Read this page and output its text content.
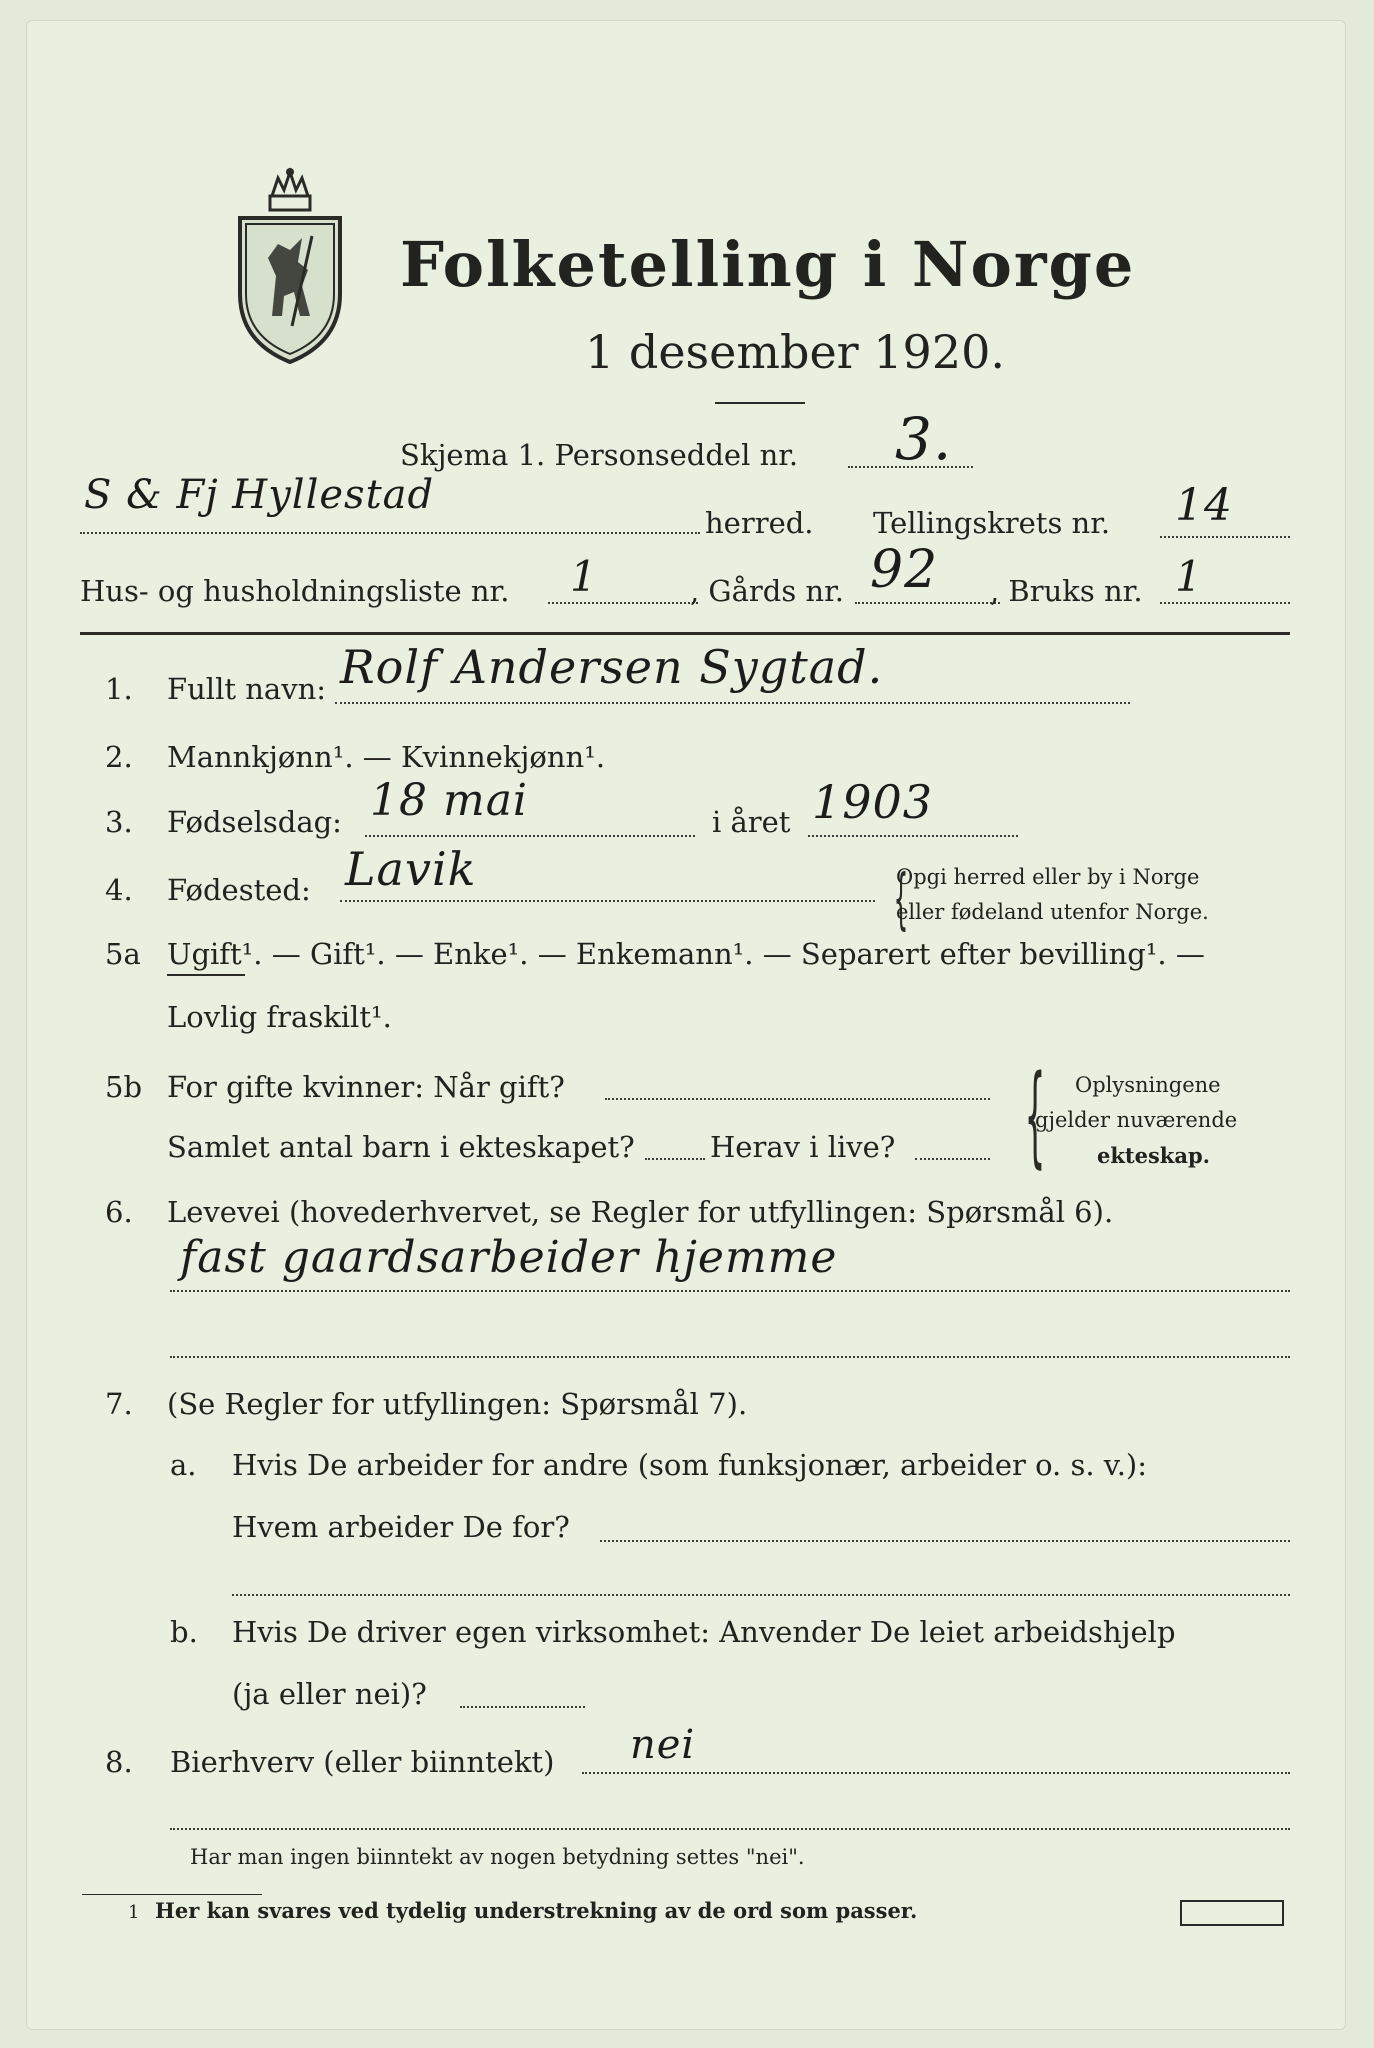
Folketelling i Norge
1 desember 1920.
Skjema 1. Personseddel nr. 3.
S & Fj Hyllestad
herred. Tellingskrets nr. 14
Hus- og husholdningsliste nr. 1	, Gårds nr. 92 , Bruks nr. 1
1. Fullt navn: Rolf Andersen Sygtad.
2. Mannkjønn¹. — Kvinnekjønn¹.
3. Fødselsdag: 18 mai	i året 1903
4. Fødested: Lavik	{
Opgi herred eller by i Norge
eller fødeland utenfor Norge.
5a Ugift¹. — Gift¹. — Enke¹. — Enkemann¹. — Separert efter bevilling¹. —
Lovlig fraskilt¹.
5b For gifte kvinner: Når gift?
Samlet antal barn i ekteskapet?	Herav i live? { Oplysningene
gjelder nuværende
ekteskap.
6. Levevei (hovederhvervet, se Regler for utfyllingen: Spørsmål 6).
fast gaardsarbeider hjemme
7. (Se Regler for utfyllingen: Spørsmål 7).
a. Hvis De arbeider for andre (som funksjonær, arbeider o. s. v.):
Hvem arbeider De for?
b. Hvis De driver egen virksomhet: Anvender De leiet arbeidshjelp
(ja eller nei)?
8. Bierhverv (eller biinntekt) nei
Har man ingen biinntekt av nogen betydning settes "nei".
1 Her kan svares ved tydelig understrekning av de ord som passer.
